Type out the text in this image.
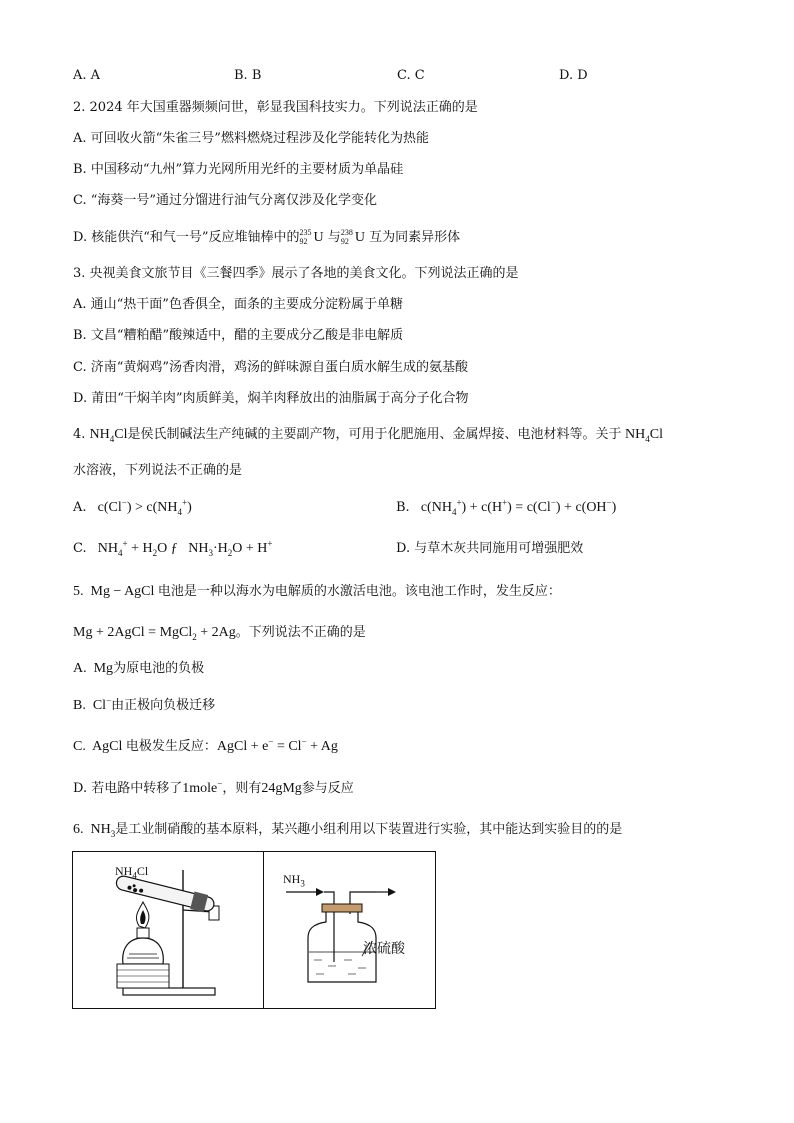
A. A	B. B	C. C	D. D
2. 2024 年大国重器频频问世，彰显我国科技实力。下列说法正确的是
A. 可回收火箭“朱雀三号”燃料燃烧过程涉及化学能转化为热能
B. 中国移动“九州”算力光网所用光纤的主要材质为单晶硅
C. “海葵一号”通过分馏进行油气分离仅涉及化学变化
D. 核能供汽“和气一号”反应堆铀棒中的 235
92 U 与 238
92 U 互为同素异形体
3. 央视美食文旅节目《三餐四季》展示了各地的美食文化。下列说法正确的是
A. 通山“热干面”色香俱全，面条的主要成分淀粉属于单糖
B. 文昌“糟粕醋”酸辣适中，醋的主要成分乙酸是非电解质
C. 济南“黄焖鸡”汤香肉滑，鸡汤的鲜味源自蛋白质水解生成的氨基酸
D. 莆田“干焖羊肉”肉质鲜美，焖羊肉释放出的油脂属于高分子化合物
4. $NH_4Cl$是侯氏制碱法生产纯碱的主要副产物，可用于化肥施用、金属焊接、电池材料等。关于 $NH_4Cl$
水溶液，下列说法不正确的是
A.   $c(Cl^-) > c(NH_4^+)$	B.   $c(NH_4^+) + c(H^+) = c(Cl^-) + c(OH^-)$
C.   $NH_4^+ + H_2O$ ƒ   $NH_3\cdot H_2O + H^+$	D. 与草木灰共同施用可增强肥效
5.  Mg − AgCl 电池是一种以海水为电解质的水激活电池。该电池工作时，发生反应：
Mg + 2AgCl = MgCl$_2$ + 2Ag。下列说法不正确的是
A.  Mg为原电池的负极
B.  Cl−由正极向负极迁移
C.  AgCl 电极发生反应：AgCl + e− = Cl− + Ag
D. 若电路中转移了1mole−，则有24gMg参与反应
6.  $NH_3$是工业制硝酸的基本原料，某兴趣小组利用以下装置进行实验，其中能达到实验目的的是
$NH_4Cl$
$NH_3$
浓硫酸
